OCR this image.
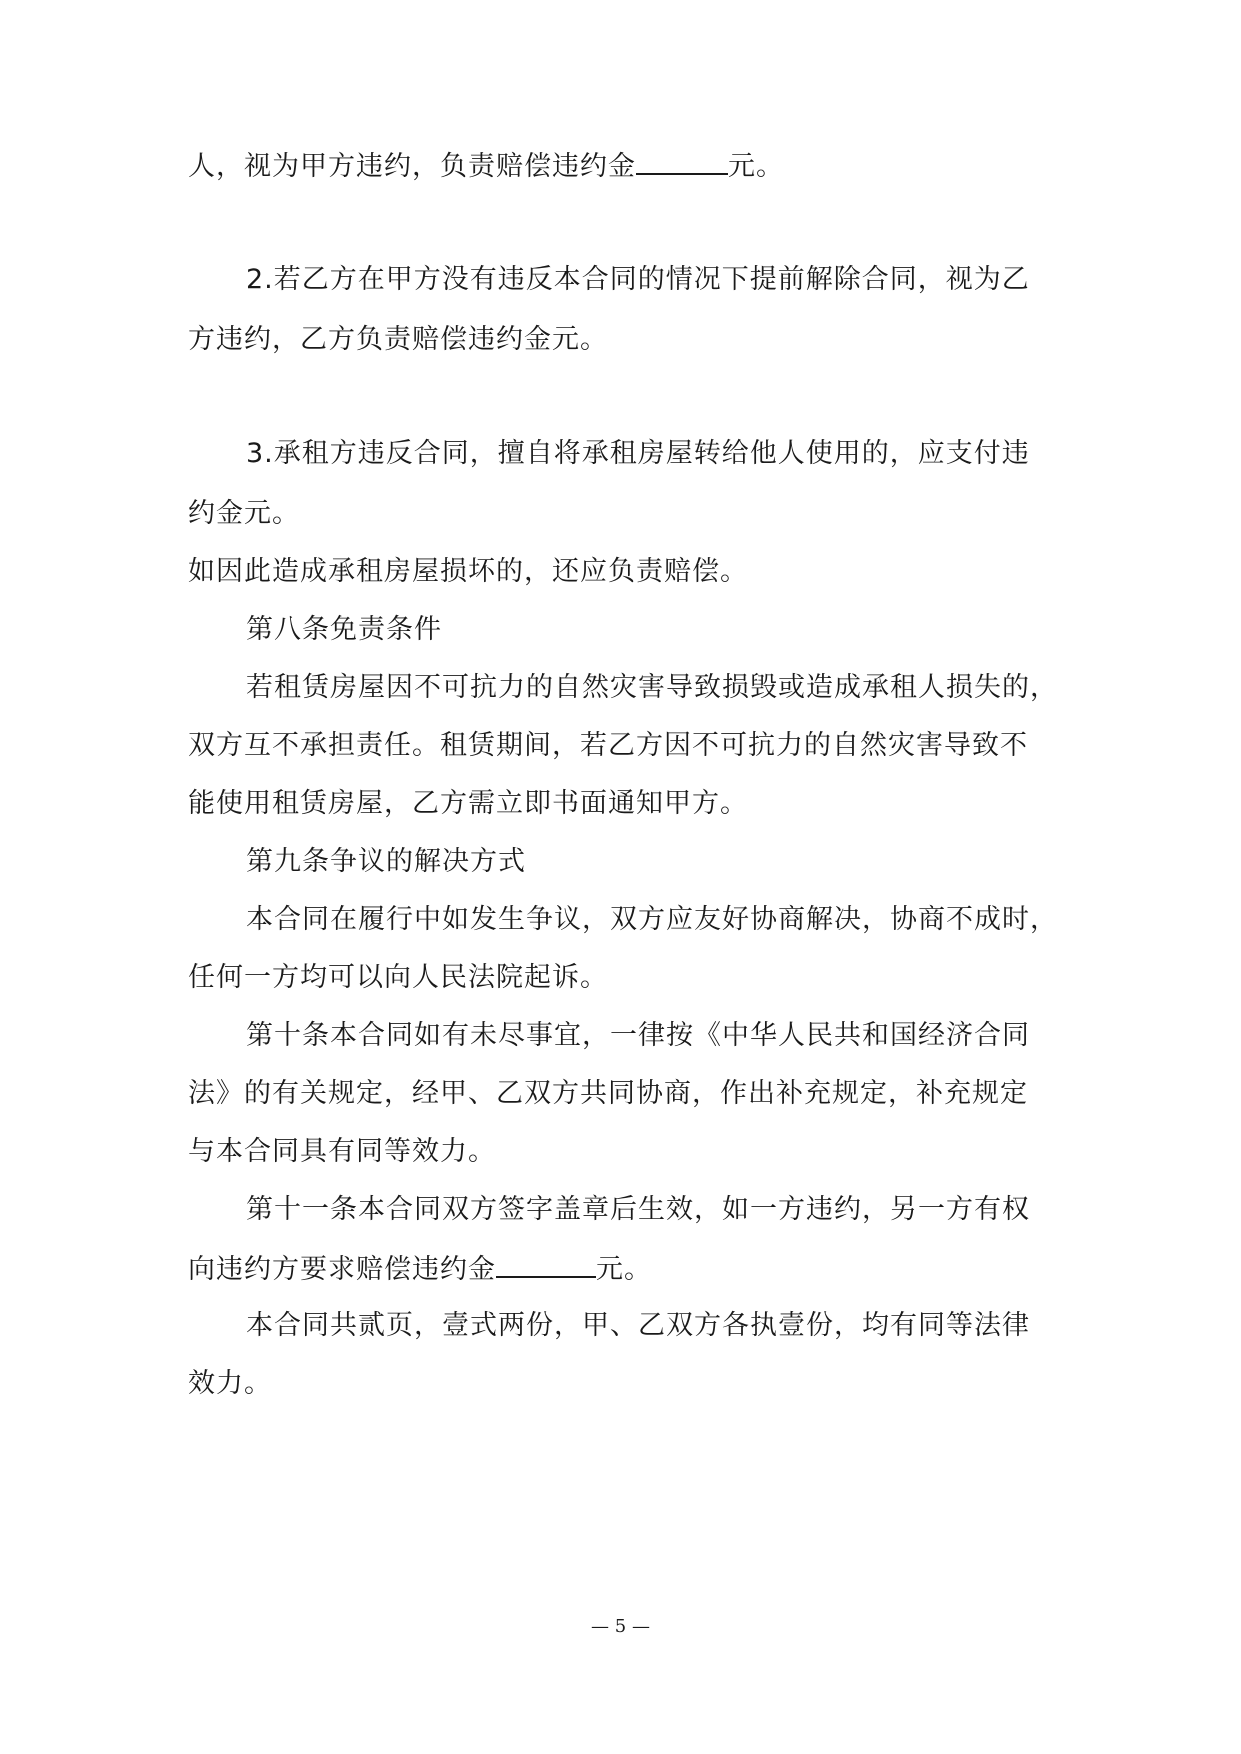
人，视为甲方违约，负责赔偿违约金	元。
2.若乙方在甲方没有违反本合同的情况下提前解除合同，视为乙
方违约，乙方负责赔偿违约金元。
3.承租方违反合同，擅自将承租房屋转给他人使用的，应支付违
约金元。
如因此造成承租房屋损坏的，还应负责赔偿。
第八条免责条件
若租赁房屋因不可抗力的自然灾害导致损毁或造成承租人损失的，
双方互不承担责任。租赁期间，若乙方因不可抗力的自然灾害导致不
能使用租赁房屋，乙方需立即书面通知甲方。
第九条争议的解决方式
本合同在履行中如发生争议，双方应友好协商解决，协商不成时，
任何一方均可以向人民法院起诉。
第十条本合同如有未尽事宜，一律按《中华人民共和国经济合同
法》的有关规定，经甲、乙双方共同协商，作出补充规定，补充规定
与本合同具有同等效力。
第十一条本合同双方签字盖章后生效，如一方违约，另一方有权
向违约方要求赔偿违约金	元。
本合同共贰页，壹式两份，甲、乙双方各执壹份，均有同等法律
效力。
— 5 —
